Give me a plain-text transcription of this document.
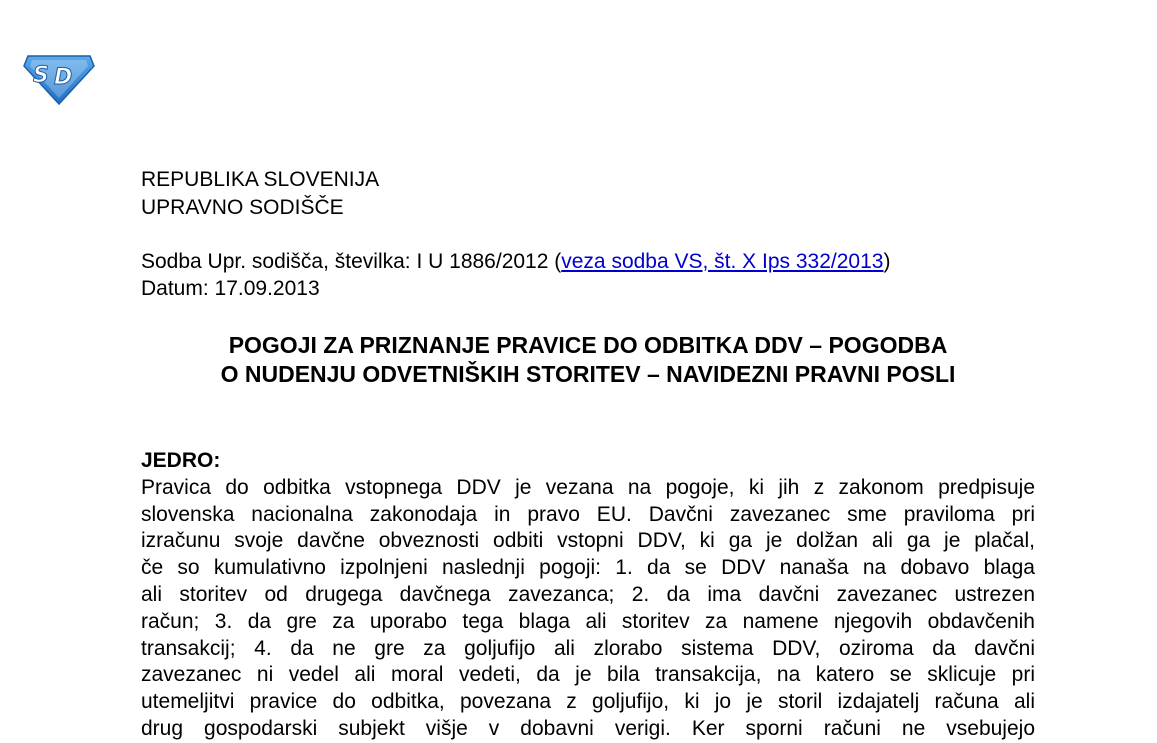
S D
REPUBLIKA SLOVENIJA
UPRAVNO SODIŠČE
Sodba Upr. sodišča, številka: I U 1886/2012 (veza sodba VS, št. X Ips 332/2013)
Datum: 17.09.2013
POGOJI ZA PRIZNANJE PRAVICE DO ODBITKA DDV – POGODBA
O NUDENJU ODVETNIŠKIH STORITEV – NAVIDEZNI PRAVNI POSLI
JEDRO:
Pravica do odbitka vstopnega DDV je vezana na pogoje, ki jih z zakonom predpisuje
slovenska nacionalna zakonodaja in pravo EU. Davčni zavezanec sme praviloma pri
izračunu svoje davčne obveznosti odbiti vstopni DDV, ki ga je dolžan ali ga je plačal,
če so kumulativno izpolnjeni naslednji pogoji: 1. da se DDV nanaša na dobavo blaga
ali storitev od drugega davčnega zavezanca; 2. da ima davčni zavezanec ustrezen
račun; 3. da gre za uporabo tega blaga ali storitev za namene njegovih obdavčenih
transakcij; 4. da ne gre za goljufijo ali zlorabo sistema DDV, oziroma da davčni
zavezanec ni vedel ali moral vedeti, da je bila transakcija, na katero se sklicuje pri
utemeljitvi pravice do odbitka, povezana z goljufijo, ki jo je storil izdajatelj računa ali
drug gospodarski subjekt višje v dobavni verigi. Ker sporni računi ne vsebujejo
